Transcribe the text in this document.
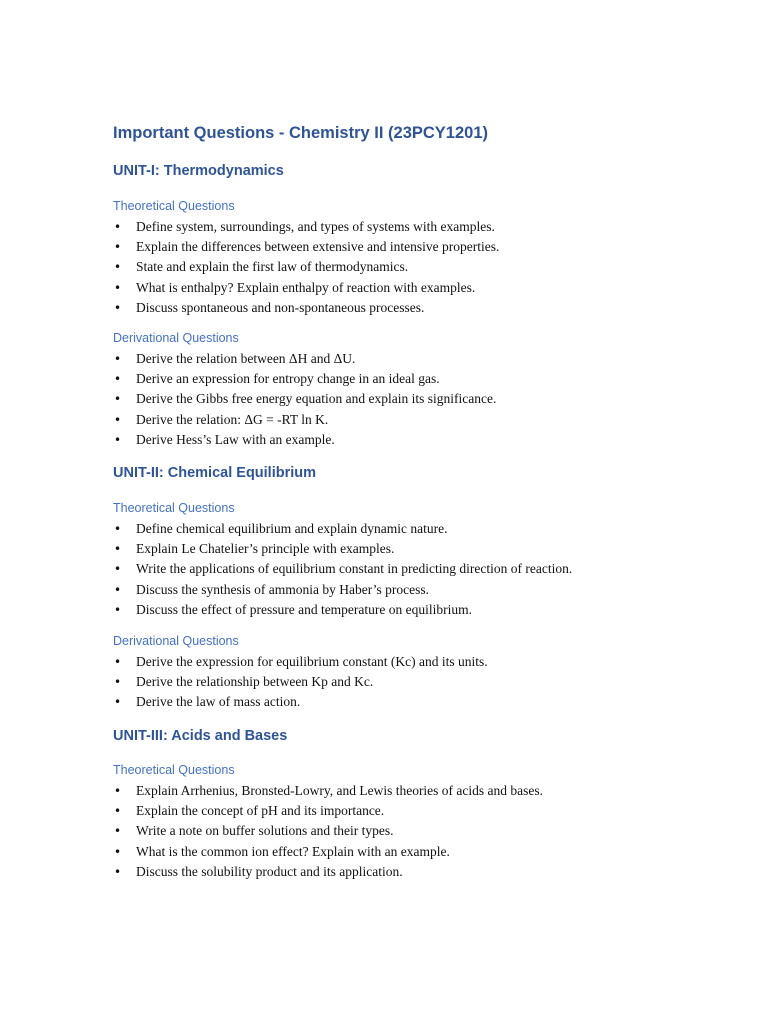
Important Questions - Chemistry II (23PCY1201)
UNIT-I: Thermodynamics
Theoretical Questions
• Define system, surroundings, and types of systems with examples.
• Explain the differences between extensive and intensive properties.
• State and explain the first law of thermodynamics.
• What is enthalpy? Explain enthalpy of reaction with examples.
• Discuss spontaneous and non-spontaneous processes.
Derivational Questions
• Derive the relation between ΔH and ΔU.
• Derive an expression for entropy change in an ideal gas.
• Derive the Gibbs free energy equation and explain its significance.
• Derive the relation: ΔG = -RT ln K.
• Derive Hess’s Law with an example.
UNIT-II: Chemical Equilibrium
Theoretical Questions
• Define chemical equilibrium and explain dynamic nature.
• Explain Le Chatelier’s principle with examples.
• Write the applications of equilibrium constant in predicting direction of reaction.
• Discuss the synthesis of ammonia by Haber’s process.
• Discuss the effect of pressure and temperature on equilibrium.
Derivational Questions
• Derive the expression for equilibrium constant (Kc) and its units.
• Derive the relationship between Kp and Kc.
• Derive the law of mass action.
UNIT-III: Acids and Bases
Theoretical Questions
• Explain Arrhenius, Bronsted-Lowry, and Lewis theories of acids and bases.
• Explain the concept of pH and its importance.
• Write a note on buffer solutions and their types.
• What is the common ion effect? Explain with an example.
• Discuss the solubility product and its application.
